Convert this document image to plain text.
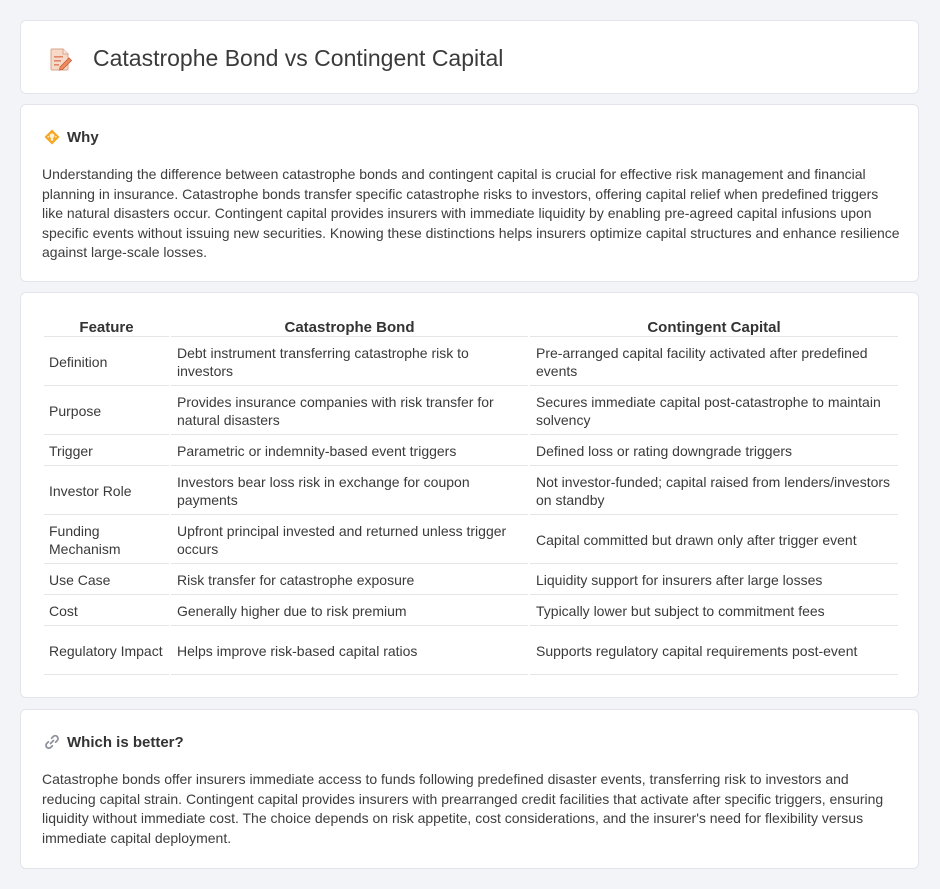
Catastrophe Bond vs Contingent Capital
Why

Understanding the difference between catastrophe bonds and contingent capital is crucial for effective risk management and financial planning in insurance. Catastrophe bonds transfer specific catastrophe risks to investors, offering capital relief when predefined triggers like natural disasters occur. Contingent capital provides insurers with immediate liquidity by enabling pre-agreed capital infusions upon specific events without issuing new securities. Knowing these distinctions helps insurers optimize capital structures and enhance resilience against large-scale losses.

Feature	Catastrophe Bond	Contingent Capital
Definition	Debt instrument transferring catastrophe risk to investors	Pre-arranged capital facility activated after predefined events
Purpose	Provides insurance companies with risk transfer for natural disasters	Secures immediate capital post-catastrophe to maintain solvency
Trigger	Parametric or indemnity-based event triggers	Defined loss or rating downgrade triggers
Investor Role	Investors bear loss risk in exchange for coupon payments	Not investor-funded; capital raised from lenders/investors on standby
Funding Mechanism	Upfront principal invested and returned unless trigger occurs	Capital committed but drawn only after trigger event
Use Case	Risk transfer for catastrophe exposure	Liquidity support for insurers after large losses
Cost	Generally higher due to risk premium	Typically lower but subject to commitment fees
Regulatory Impact	Helps improve risk-based capital ratios	Supports regulatory capital requirements post-event
Which is better?

Catastrophe bonds offer insurers immediate access to funds following predefined disaster events, transferring risk to investors and reducing capital strain. Contingent capital provides insurers with prearranged credit facilities that activate after specific triggers, ensuring liquidity without immediate cost. The choice depends on risk appetite, cost considerations, and the insurer's need for flexibility versus immediate capital deployment.
